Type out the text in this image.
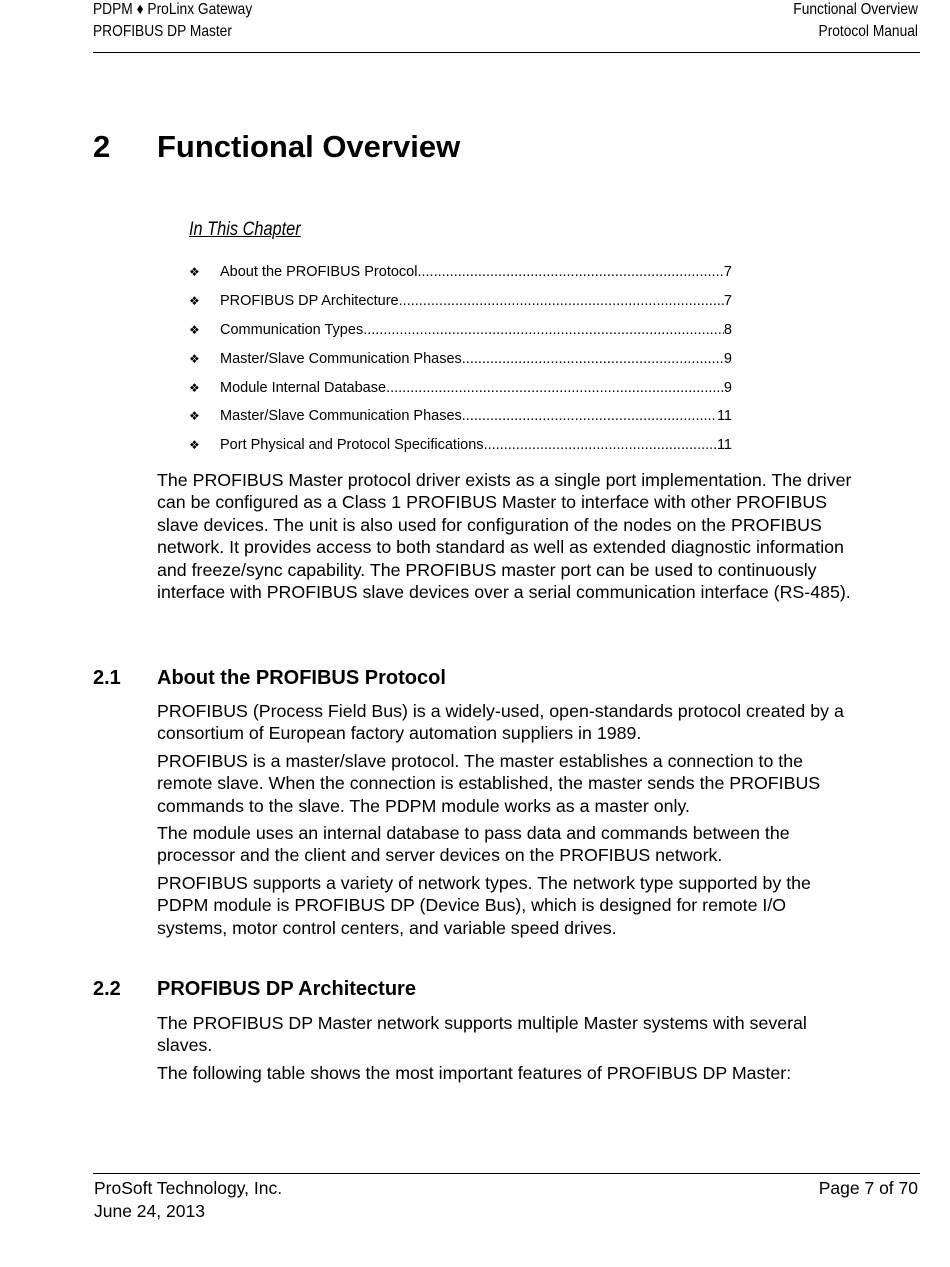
PDPM ♦ ProLinx Gateway
PROFIBUS DP Master
Functional Overview
Protocol Manual
2 Functional Overview
In This Chapter
❖	About the PROFIBUS Protocol .....	7
❖	PROFIBUS DP Architecture .....	7
❖	Communication Types .....	8
❖	Master/Slave Communication Phases .....	9
❖	Module Internal Database .....	9
❖	Master/Slave Communication Phases .....	11
❖	Port Physical and Protocol Specifications .....	11

The PROFIBUS Master protocol driver exists as a single port implementation. The driver can be configured as a Class 1 PROFIBUS Master to interface with other PROFIBUS slave devices. The unit is also used for configuration of the nodes on the PROFIBUS network. It provides access to both standard as well as extended diagnostic information and freeze/sync capability. The PROFIBUS master port can be used to continuously interface with PROFIBUS slave devices over a serial communication interface (RS-485).

2.1 About the PROFIBUS Protocol

PROFIBUS (Process Field Bus) is a widely-used, open-standards protocol created by a consortium of European factory automation suppliers in 1989.

PROFIBUS is a master/slave protocol. The master establishes a connection to the remote slave. When the connection is established, the master sends the PROFIBUS commands to the slave. The PDPM module works as a master only.

The module uses an internal database to pass data and commands between the processor and the client and server devices on the PROFIBUS network.

PROFIBUS supports a variety of network types. The network type supported by the PDPM module is PROFIBUS DP (Device Bus), which is designed for remote I/O systems, motor control centers, and variable speed drives.

2.2 PROFIBUS DP Architecture

The PROFIBUS DP Master network supports multiple Master systems with several slaves.

The following table shows the most important features of PROFIBUS DP Master:

ProSoft Technology, Inc.
June 24, 2013
Page 7 of 70
